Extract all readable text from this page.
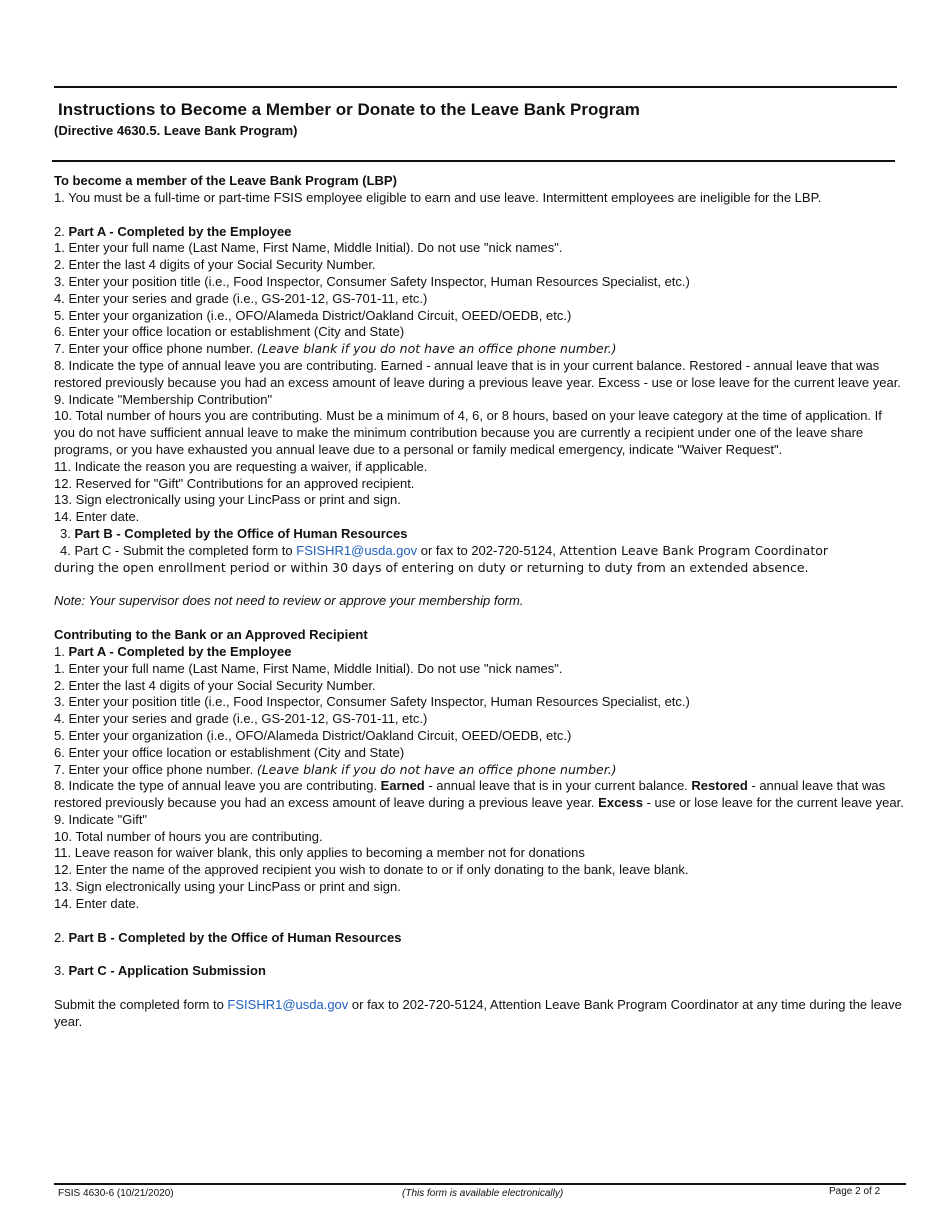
Instructions to Become a Member or Donate to the Leave Bank Program
(Directive 4630.5. Leave Bank Program)

To become a member of the Leave Bank Program (LBP)

1. You must be a full-time or part-time FSIS employee eligible to earn and use leave. Intermittent employees are ineligible for the LBP.

2. Part A - Completed by the Employee

1. Enter your full name (Last Name, First Name, Middle Initial). Do not use "nick names".

2. Enter the last 4 digits of your Social Security Number.

3. Enter your position title (i.e., Food Inspector, Consumer Safety Inspector, Human Resources Specialist, etc.)

4. Enter your series and grade (i.e., GS-201-12, GS-701-11, etc.)

5. Enter your organization (i.e., OFO/Alameda District/Oakland Circuit, OEED/OEDB, etc.)

6. Enter your office location or establishment (City and State)

7. Enter your office phone number. (Leave blank if you do not have an office phone number.)

8. Indicate the type of annual leave you are contributing. Earned - annual leave that is in your current balance. Restored - annual leave that was restored previously because you had an excess amount of leave during a previous leave year. Excess - use or lose leave for the current leave year.

9. Indicate "Membership Contribution"

10. Total number of hours you are contributing. Must be a minimum of 4, 6, or 8 hours, based on your leave category at the time of application. If you do not have sufficient annual leave to make the minimum contribution because you are currently a recipient under one of the leave share programs, or you have exhausted you annual leave due to a personal or family medical emergency, indicate "Waiver Request".

11. Indicate the reason you are requesting a waiver, if applicable.

12. Reserved for "Gift" Contributions for an approved recipient.

13. Sign electronically using your LincPass or print and sign.

14. Enter date.

3. Part B - Completed by the Office of Human Resources

4. Part C - Submit the completed form to FSISHR1@usda.gov or fax to 202-720-5124, Attention Leave Bank Program Coordinator

during the open enrollment period or within 30 days of entering on duty or returning to duty from an extended absence.

Note: Your supervisor does not need to review or approve your membership form.

Contributing to the Bank or an Approved Recipient

1. Part A - Completed by the Employee

1. Enter your full name (Last Name, First Name, Middle Initial). Do not use "nick names".

2. Enter the last 4 digits of your Social Security Number.

3. Enter your position title (i.e., Food Inspector, Consumer Safety Inspector, Human Resources Specialist, etc.)

4. Enter your series and grade (i.e., GS-201-12, GS-701-11, etc.)

5. Enter your organization (i.e., OFO/Alameda District/Oakland Circuit, OEED/OEDB, etc.)

6. Enter your office location or establishment (City and State)

7. Enter your office phone number. (Leave blank if you do not have an office phone number.)

8. Indicate the type of annual leave you are contributing. Earned - annual leave that is in your current balance. Restored - annual leave that was restored previously because you had an excess amount of leave during a previous leave year. Excess - use or lose leave for the current leave year.

9. Indicate "Gift"

10. Total number of hours you are contributing.

11. Leave reason for waiver blank, this only applies to becoming a member not for donations

12. Enter the name of the approved recipient you wish to donate to or if only donating to the bank, leave blank.

13. Sign electronically using your LincPass or print and sign.

14. Enter date.

2. Part B - Completed by the Office of Human Resources

3. Part C - Application Submission

Submit the completed form to FSISHR1@usda.gov or fax to 202-720-5124, Attention Leave Bank Program Coordinator at any time during the leave year.

FSIS 4630-6 (10/21/2020)	(This form is available electronically)	Page 2 of 2
